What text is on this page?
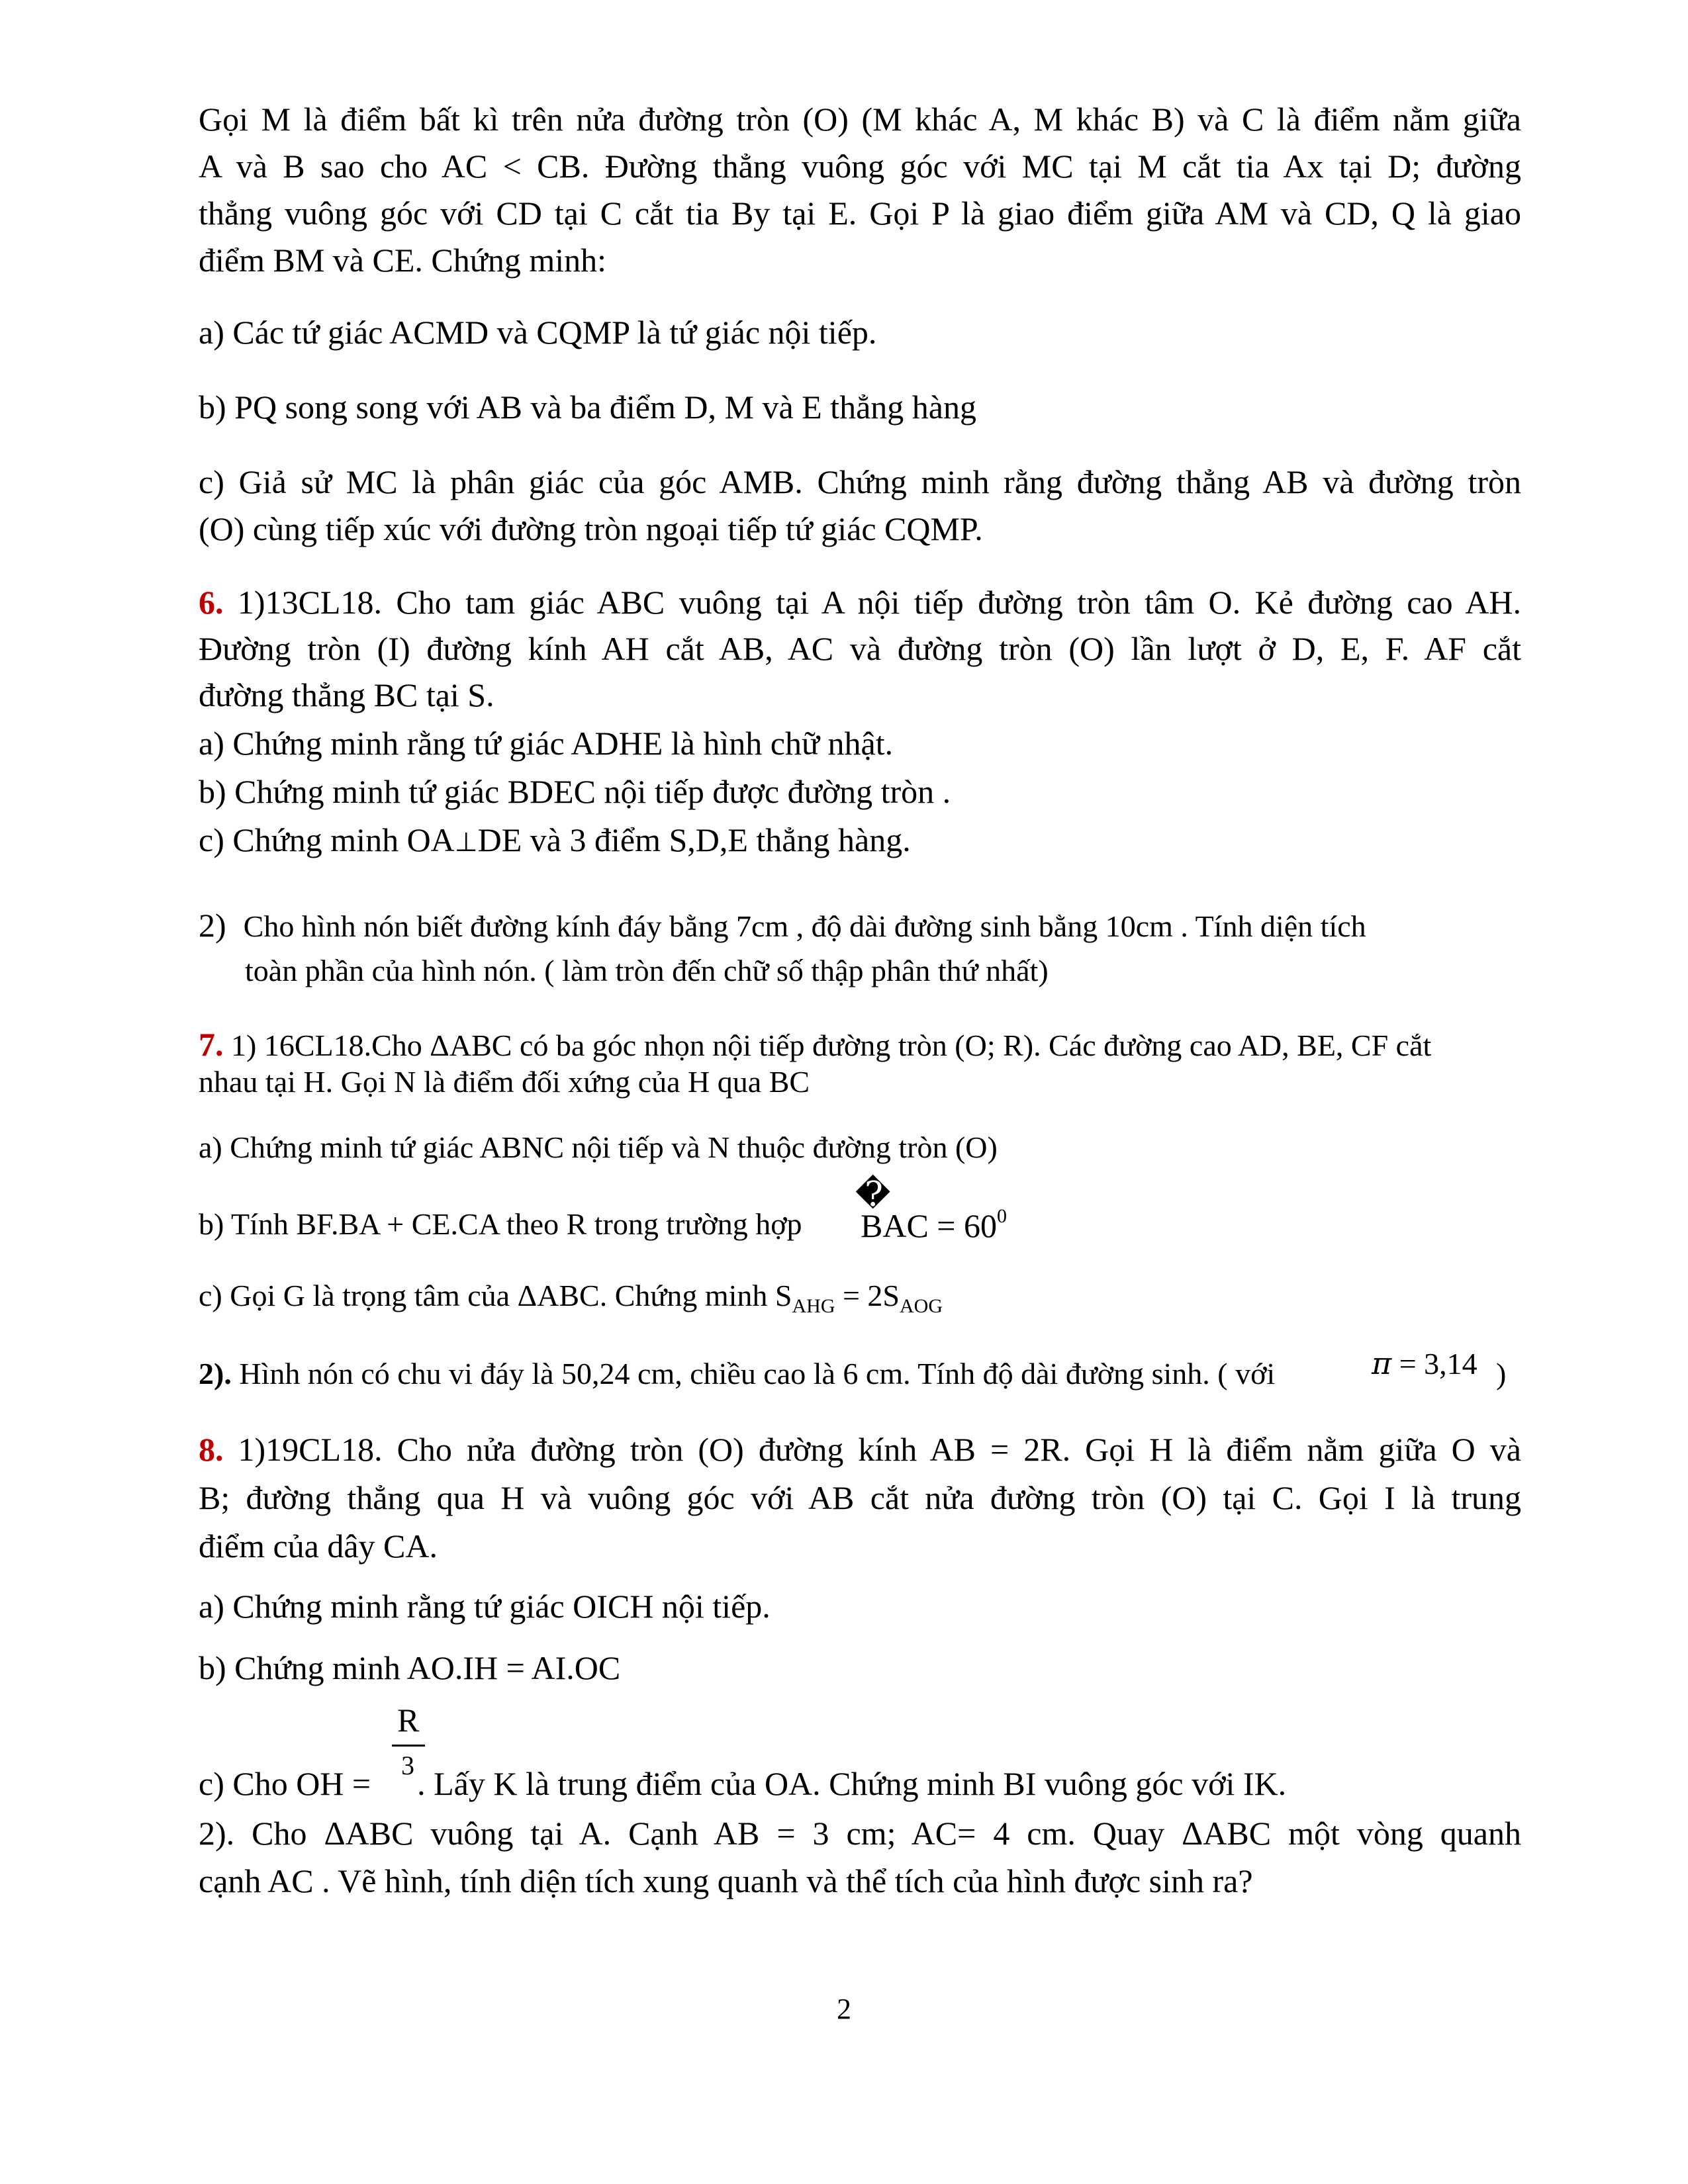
Gọi M là điểm bất kì trên nửa đường tròn (O) (M khác A, M khác B) và C là điểm nằm giữa

A và B sao cho AC < CB. Đường thẳng vuông góc với MC tại M cắt tia Ax tại D; đường

thẳng vuông góc với CD tại C cắt tia By tại E. Gọi P là giao điểm giữa AM và CD, Q là giao

điểm BM và CE. Chứng minh:

a) Các tứ giác ACMD và CQMP là tứ giác nội tiếp.

b) PQ song song với AB và ba điểm D, M và E thẳng hàng

c) Giả sử MC là phân giác của góc AMB. Chứng minh rằng đường thẳng AB và đường tròn

(O) cùng tiếp xúc với đường tròn ngoại tiếp tứ giác CQMP.

6. 1)13CL18. Cho tam giác ABC vuông tại A nội tiếp đường tròn tâm O. Kẻ đường cao AH.

Đường tròn (I) đường kính AH cắt AB, AC và đường tròn (O) lần lượt ở D, E, F. AF cắt

đường thẳng BC tại S.

a) Chứng minh rằng tứ giác ADHE là hình chữ nhật.

b) Chứng minh tứ giác BDEC nội tiếp được đường tròn .

c) Chứng minh OA⊥DE và 3 điểm S,D,E thẳng hàng.

2) Cho hình nón biết đường kính đáy bằng 7cm , độ dài đường sinh bằng 10cm . Tính diện tích

toàn phần của hình nón. ( làm tròn đến chữ số thập phân thứ nhất)

7. 1) 16CL18.Cho ΔABC có ba góc nhọn nội tiếp đường tròn (O; R). Các đường cao AD, BE, CF cắt

nhau tại H. Gọi N là điểm đối xứng của H qua BC

a) Chứng minh tứ giác ABNC nội tiếp và N thuộc đường tròn (O)

b) Tính BF.BA + CE.CA theo R trong trường hợp

�

BAC = $60^0$

c) Gọi G là trọng tâm của ΔABC. Chứng minh $S_{AHG} = 2S_{AOG}$

2). Hình nón có chu vi đáy là 50,24 cm, chiều cao là 6 cm. Tính độ dài đường sinh. ( với	π = 3,14 )

8. 1)19CL18. Cho nửa đường tròn (O) đường kính AB = 2R. Gọi H là điểm nằm giữa O và

B; đường thẳng qua H và vuông góc với AB cắt nửa đường tròn (O) tại C. Gọi I là trung

điểm của dây CA.

a) Chứng minh rằng tứ giác OICH nội tiếp.

b) Chứng minh AO.IH = AI.OC

R
3

c) Cho OH = . Lấy K là trung điểm của OA. Chứng minh BI vuông góc với IK.

2). Cho ΔABC vuông tại A. Cạnh AB = 3 cm; AC= 4 cm. Quay ΔABC một vòng quanh

cạnh AC . Vẽ hình, tính diện tích xung quanh và thể tích của hình được sinh ra?

2
